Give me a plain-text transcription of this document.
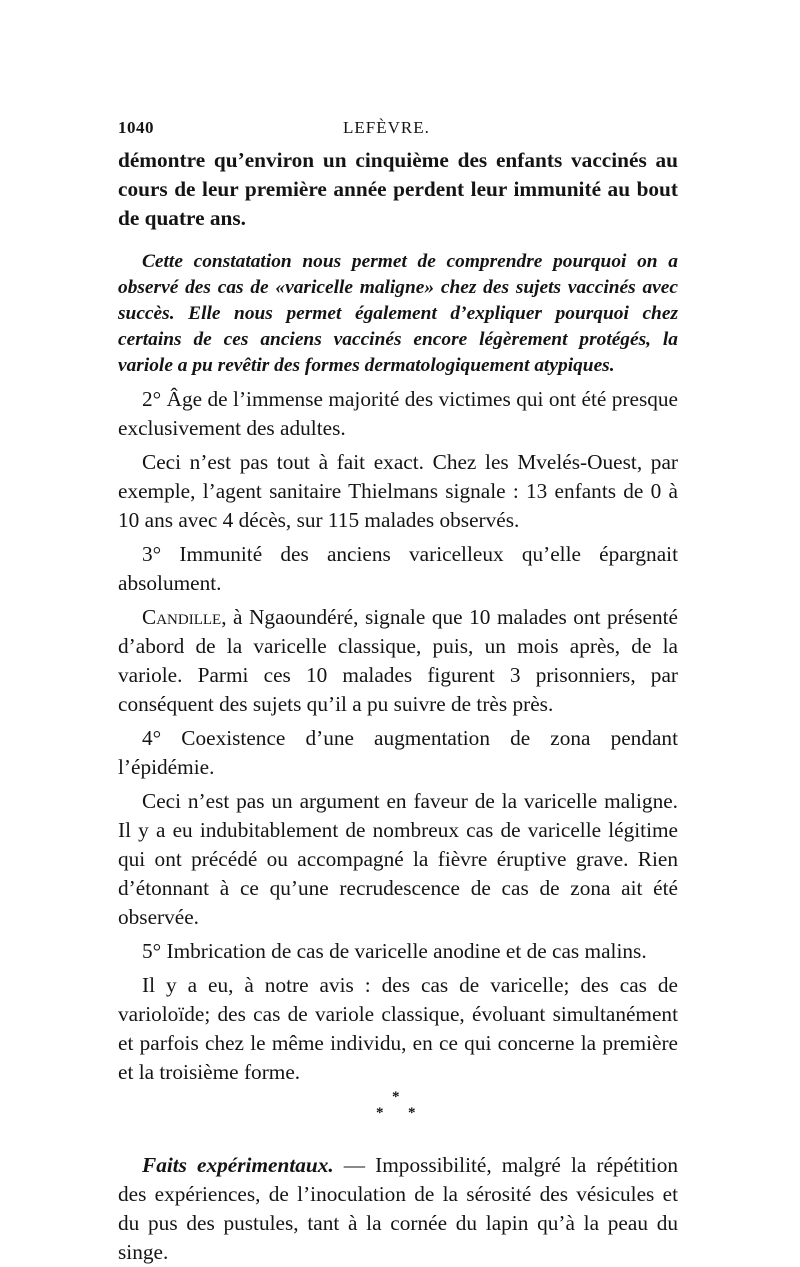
1040	LEFÈVRE.

démontre qu’environ un cinquième des enfants vaccinés au cours de leur première année perdent leur immunité au bout de quatre ans.

Cette constatation nous permet de comprendre pourquoi on a observé des cas de «varicelle maligne» chez des sujets vaccinés avec succès. Elle nous permet également d’expliquer pourquoi chez certains de ces anciens vaccinés encore légèrement protégés, la variole a pu revêtir des formes dermatologiquement atypiques.

2° Âge de l’immense majorité des victimes qui ont été presque exclusivement des adultes.

Ceci n’est pas tout à fait exact. Chez les Mvelés-Ouest, par exemple, l’agent sanitaire Thielmans signale : 13 enfants de 0 à 10 ans avec 4 décès, sur 115 malades observés.

3° Immunité des anciens varicelleux qu’elle épargnait absolument.

Candille, à Ngaoundéré, signale que 10 malades ont présenté d’abord de la varicelle classique, puis, un mois après, de la variole. Parmi ces 10 malades figurent 3 prisonniers, par conséquent des sujets qu’il a pu suivre de très près.

4° Coexistence d’une augmentation de zona pendant l’épidémie.

Ceci n’est pas un argument en faveur de la varicelle maligne. Il y a eu indubitablement de nombreux cas de varicelle légitime qui ont précédé ou accompagné la fièvre éruptive grave. Rien d’étonnant à ce qu’une recrudescence de cas de zona ait été observée.

5° Imbrication de cas de varicelle anodine et de cas malins.

Il y a eu, à notre avis : des cas de varicelle; des cas de varioloïde; des cas de variole classique, évoluant simultanément et parfois chez le même individu, en ce qui concerne la première et la troisième forme.

*
* *

Faits expérimentaux. — Impossibilité, malgré la répétition des expériences, de l’inoculation de la sérosité des vésicules et du pus des pustules, tant à la cornée du lapin qu’à la peau du singe.
